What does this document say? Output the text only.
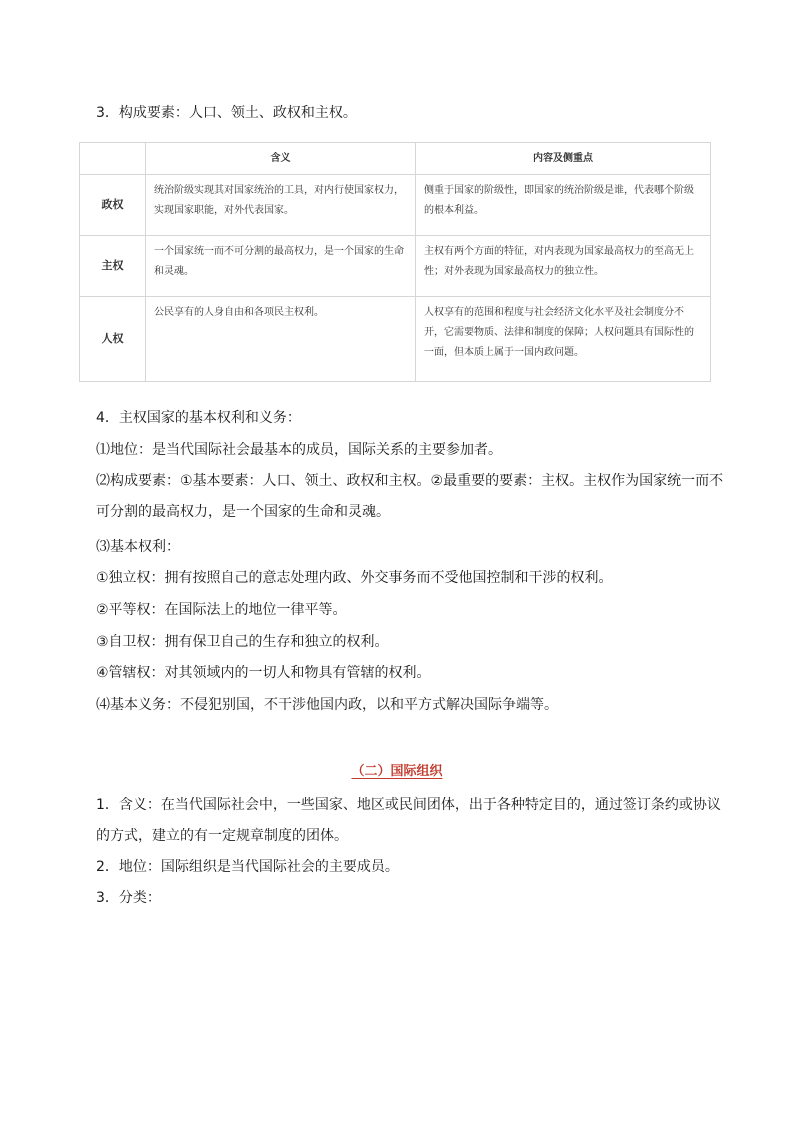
3．构成要素：人口、领土、政权和主权。
	含义	内容及侧重点
政权	统治阶级实现其对国家统治的工具，对内行使国家权力，实现国家职能，对外代表国家。	侧重于国家的阶级性，即国家的统治阶级是谁，代表哪个阶级的根本利益。
主权	一个国家统一而不可分割的最高权力，是一个国家的生命和灵魂。	主权有两个方面的特征，对内表现为国家最高权力的至高无上性；对外表现为国家最高权力的独立性。
人权	公民享有的人身自由和各项民主权利。	人权享有的范围和程度与社会经济文化水平及社会制度分不开，它需要物质、法律和制度的保障；人权问题具有国际性的一面，但本质上属于一国内政问题。
4．主权国家的基本权利和义务：
⑴地位：是当代国际社会最基本的成员，国际关系的主要参加者。
⑵构成要素：①基本要素：人口、领土、政权和主权。②最重要的要素：主权。主权作为国家统一而不可分割的最高权力，是一个国家的生命和灵魂。
⑶基本权利：
①独立权：拥有按照自己的意志处理内政、外交事务而不受他国控制和干涉的权利。
②平等权：在国际法上的地位一律平等。
③自卫权：拥有保卫自己的生存和独立的权利。
④管辖权：对其领域内的一切人和物具有管辖的权利。
⑷基本义务：不侵犯别国，不干涉他国内政，以和平方式解决国际争端等。
（二）国际组织
1．含义：在当代国际社会中，一些国家、地区或民间团体，出于各种特定目的，通过签订条约或协议的方式，建立的有一定规章制度的团体。
2．地位：国际组织是当代国际社会的主要成员。
3．分类：
